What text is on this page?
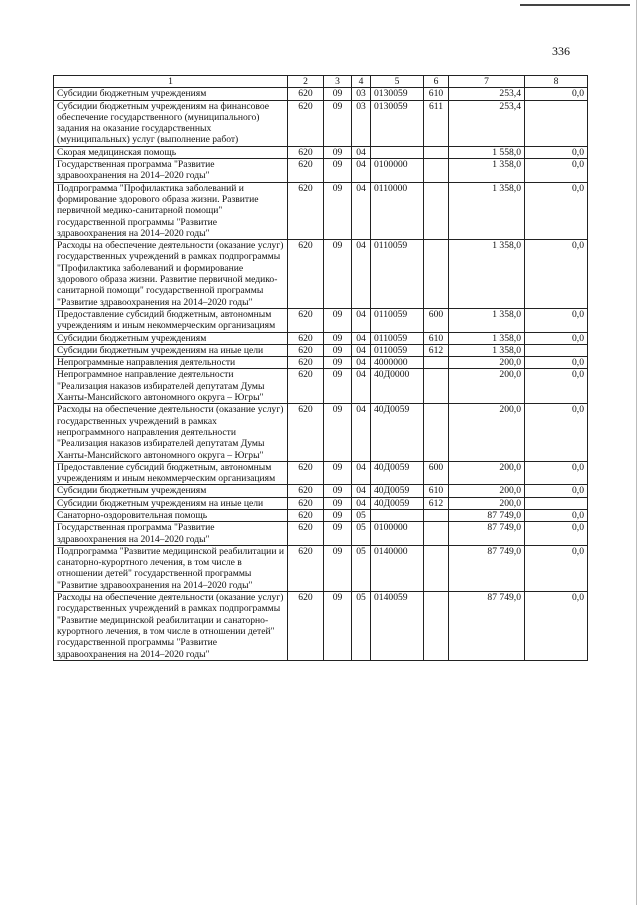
336
1	2	3	4	5	6	7	8
Субсидии бюджетным учреждениям	620	09	03	0130059	610	253,4	0,0
Субсидии бюджетным учреждениям на финансовое обеспечение государственного (муниципального) задания на оказание государственных (муниципальных) услуг (выполнение работ)	620	09	03	0130059	611	253,4	
Скорая медицинская помощь	620	09	04			1 558,0	0,0
Государственная программа "Развитие здравоохранения на 2014–2020 годы"	620	09	04	0100000		1 358,0	0,0
Подпрограмма "Профилактика заболеваний и формирование здорового образа жизни. Развитие первичной медико-санитарной помощи" государственной программы "Развитие здравоохранения на 2014–2020 годы"	620	09	04	0110000		1 358,0	0,0
Расходы на обеспечение деятельности (оказание услуг) государственных учреждений в рамках подпрограммы "Профилактика заболеваний и формирование здорового образа жизни. Развитие первичной медико-санитарной помощи" государственной программы "Развитие здравоохранения на 2014–2020 годы"	620	09	04	0110059		1 358,0	0,0
Предоставление субсидий бюджетным, автономным учреждениям и иным некоммерческим организациям	620	09	04	0110059	600	1 358,0	0,0
Субсидии бюджетным учреждениям	620	09	04	0110059	610	1 358,0	0,0
Субсидии бюджетным учреждениям на иные цели	620	09	04	0110059	612	1 358,0	
Непрограммные направления деятельности	620	09	04	4000000		200,0	0,0
Непрограммное направление деятельности "Реализация наказов избирателей депутатам Думы Ханты-Мансийского автономного округа – Югры"	620	09	04	40Д0000		200,0	0,0
Расходы на обеспечение деятельности (оказание услуг) государственных учреждений в рамках непрограммного направления деятельности "Реализация наказов избирателей депутатам Думы Ханты-Мансийского автономного округа – Югры"	620	09	04	40Д0059		200,0	0,0
Предоставление субсидий бюджетным, автономным учреждениям и иным некоммерческим организациям	620	09	04	40Д0059	600	200,0	0,0
Субсидии бюджетным учреждениям	620	09	04	40Д0059	610	200,0	0,0
Субсидии бюджетным учреждениям на иные цели	620	09	04	40Д0059	612	200,0	
Санаторно-оздоровительная помощь	620	09	05			87 749,0	0,0
Государственная программа "Развитие здравоохранения на 2014–2020 годы"	620	09	05	0100000		87 749,0	0,0
Подпрограмма "Развитие медицинской реабилитации и санаторно-курортного лечения, в том числе в отношении детей" государственной программы "Развитие здравоохранения на 2014–2020 годы"	620	09	05	0140000		87 749,0	0,0
Расходы на обеспечение деятельности (оказание услуг) государственных учреждений в рамках подпрограммы "Развитие медицинской реабилитации и санаторно-курортного лечения, в том числе в отношении детей" государственной программы "Развитие здравоохранения на 2014–2020 годы"	620	09	05	0140059		87 749,0	0,0
